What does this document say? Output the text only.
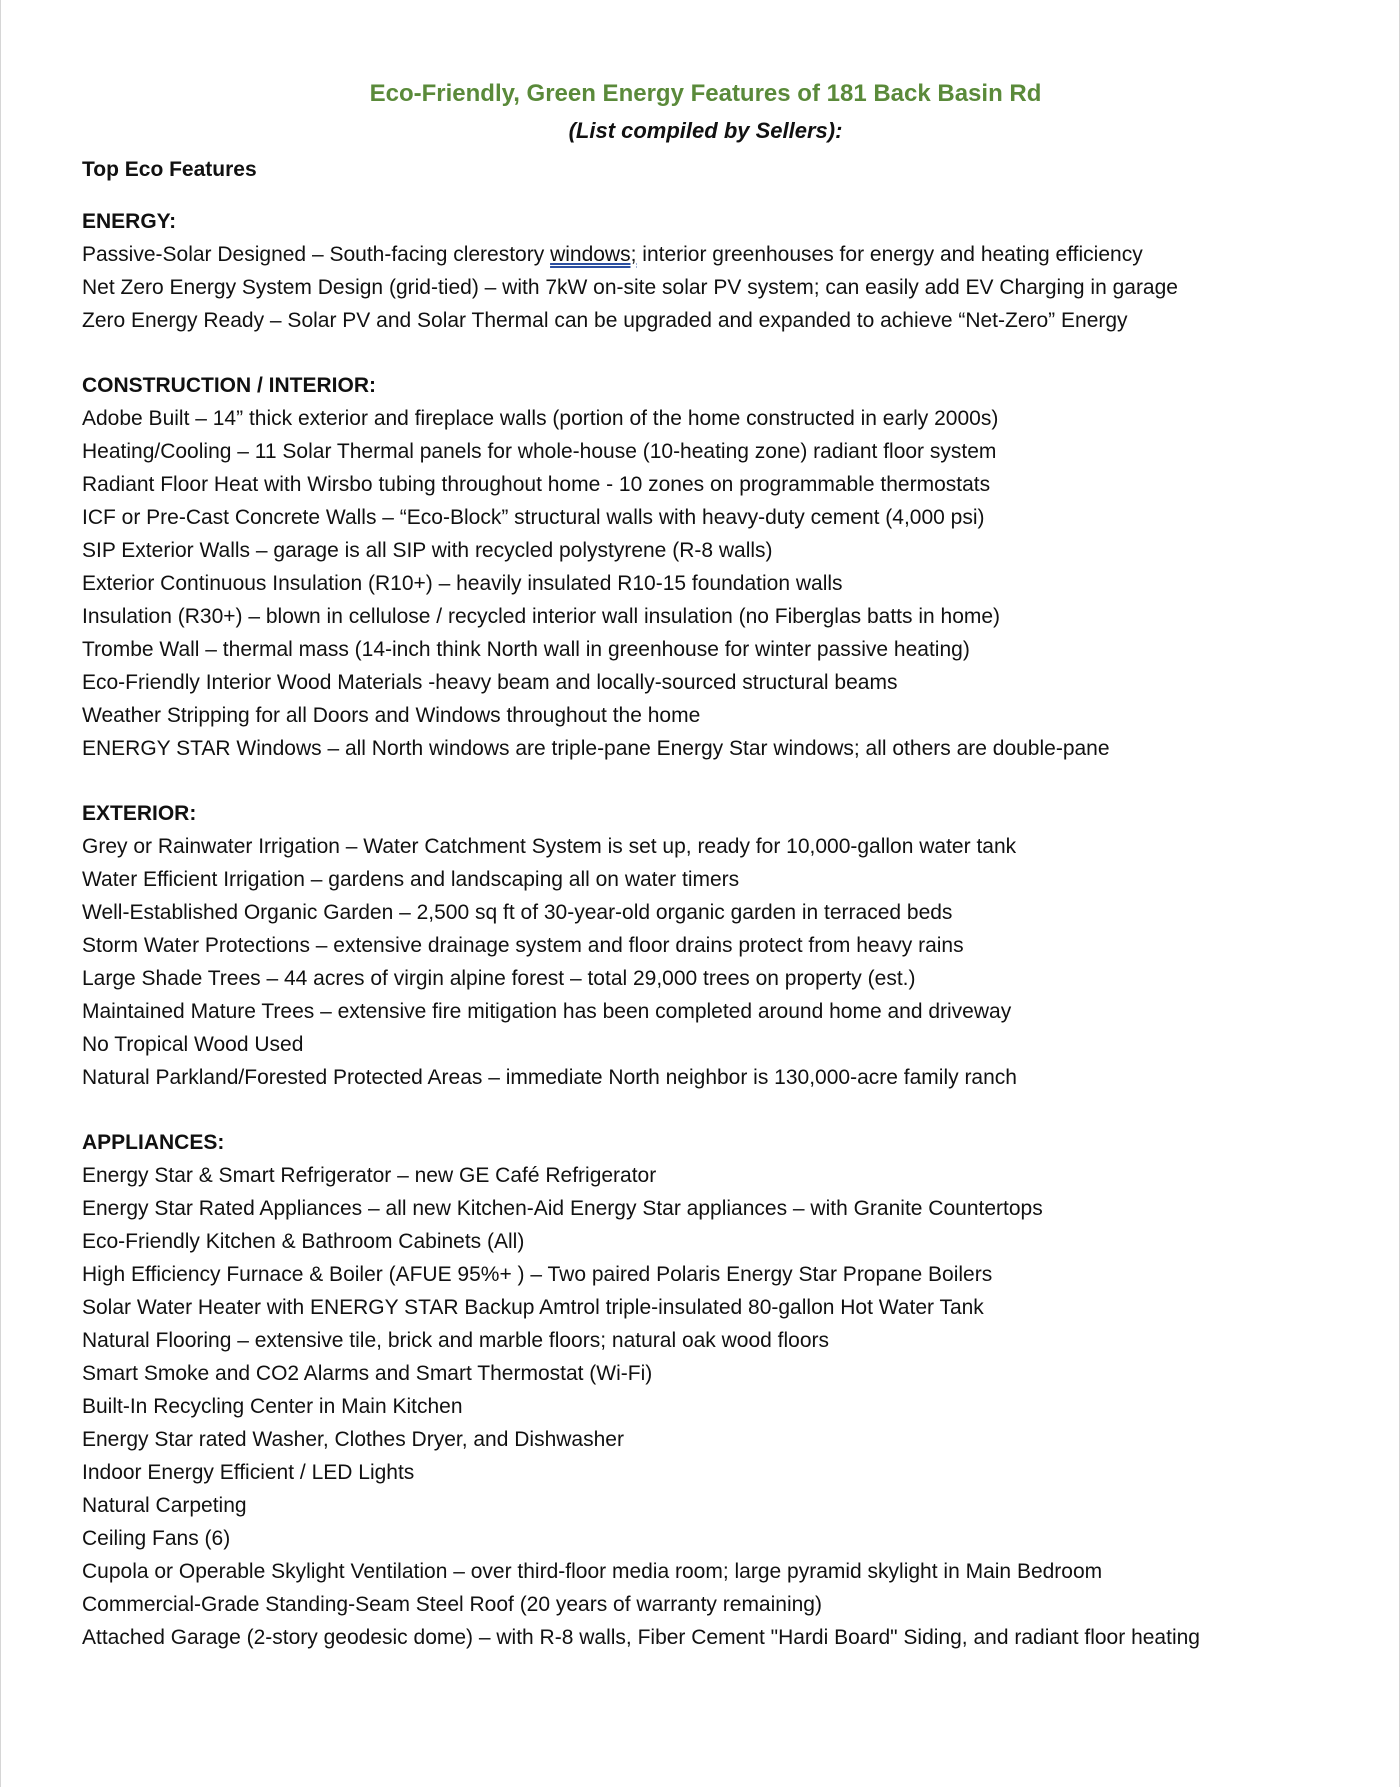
Eco-Friendly, Green Energy Features of 181 Back Basin Rd

(List compiled by Sellers):

Top Eco Features

ENERGY:

Passive-Solar Designed – South-facing clerestory windows; interior greenhouses for energy and heating efficiency

Net Zero Energy System Design (grid-tied) – with 7kW on-site solar PV system; can easily add EV Charging in garage

Zero Energy Ready – Solar PV and Solar Thermal can be upgraded and expanded to achieve “Net-Zero” Energy

CONSTRUCTION / INTERIOR:

Adobe Built – 14” thick exterior and fireplace walls (portion of the home constructed in early 2000s)

Heating/Cooling – 11 Solar Thermal panels for whole-house (10-heating zone) radiant floor system

Radiant Floor Heat with Wirsbo tubing throughout home - 10 zones on programmable thermostats

ICF or Pre-Cast Concrete Walls – “Eco-Block” structural walls with heavy-duty cement (4,000 psi)

SIP Exterior Walls – garage is all SIP with recycled polystyrene (R-8 walls)

Exterior Continuous Insulation (R10+) – heavily insulated R10-15 foundation walls

Insulation (R30+) – blown in cellulose / recycled interior wall insulation (no Fiberglas batts in home)

Trombe Wall – thermal mass (14-inch think North wall in greenhouse for winter passive heating)

Eco-Friendly Interior Wood Materials -heavy beam and locally-sourced structural beams

Weather Stripping for all Doors and Windows throughout the home

ENERGY STAR Windows – all North windows are triple-pane Energy Star windows; all others are double-pane

EXTERIOR:

Grey or Rainwater Irrigation – Water Catchment System is set up, ready for 10,000-gallon water tank

Water Efficient Irrigation – gardens and landscaping all on water timers

Well-Established Organic Garden – 2,500 sq ft of 30-year-old organic garden in terraced beds

Storm Water Protections – extensive drainage system and floor drains protect from heavy rains

Large Shade Trees – 44 acres of virgin alpine forest – total 29,000 trees on property (est.)

Maintained Mature Trees – extensive fire mitigation has been completed around home and driveway

No Tropical Wood Used

Natural Parkland/Forested Protected Areas – immediate North neighbor is 130,000-acre family ranch

APPLIANCES:

Energy Star & Smart Refrigerator – new GE Café Refrigerator

Energy Star Rated Appliances – all new Kitchen-Aid Energy Star appliances – with Granite Countertops

Eco-Friendly Kitchen & Bathroom Cabinets (All)

High Efficiency Furnace & Boiler (AFUE 95%+ ) – Two paired Polaris Energy Star Propane Boilers

Solar Water Heater with ENERGY STAR Backup Amtrol triple-insulated 80-gallon Hot Water Tank

Natural Flooring – extensive tile, brick and marble floors; natural oak wood floors

Smart Smoke and CO2 Alarms and Smart Thermostat (Wi-Fi)

Built-In Recycling Center in Main Kitchen

Energy Star rated Washer, Clothes Dryer, and Dishwasher

Indoor Energy Efficient / LED Lights

Natural Carpeting

Ceiling Fans (6)

Cupola or Operable Skylight Ventilation – over third-floor media room; large pyramid skylight in Main Bedroom

Commercial-Grade Standing-Seam Steel Roof (20 years of warranty remaining)

Attached Garage (2-story geodesic dome) – with R-8 walls, Fiber Cement "Hardi Board" Siding, and radiant floor heating
